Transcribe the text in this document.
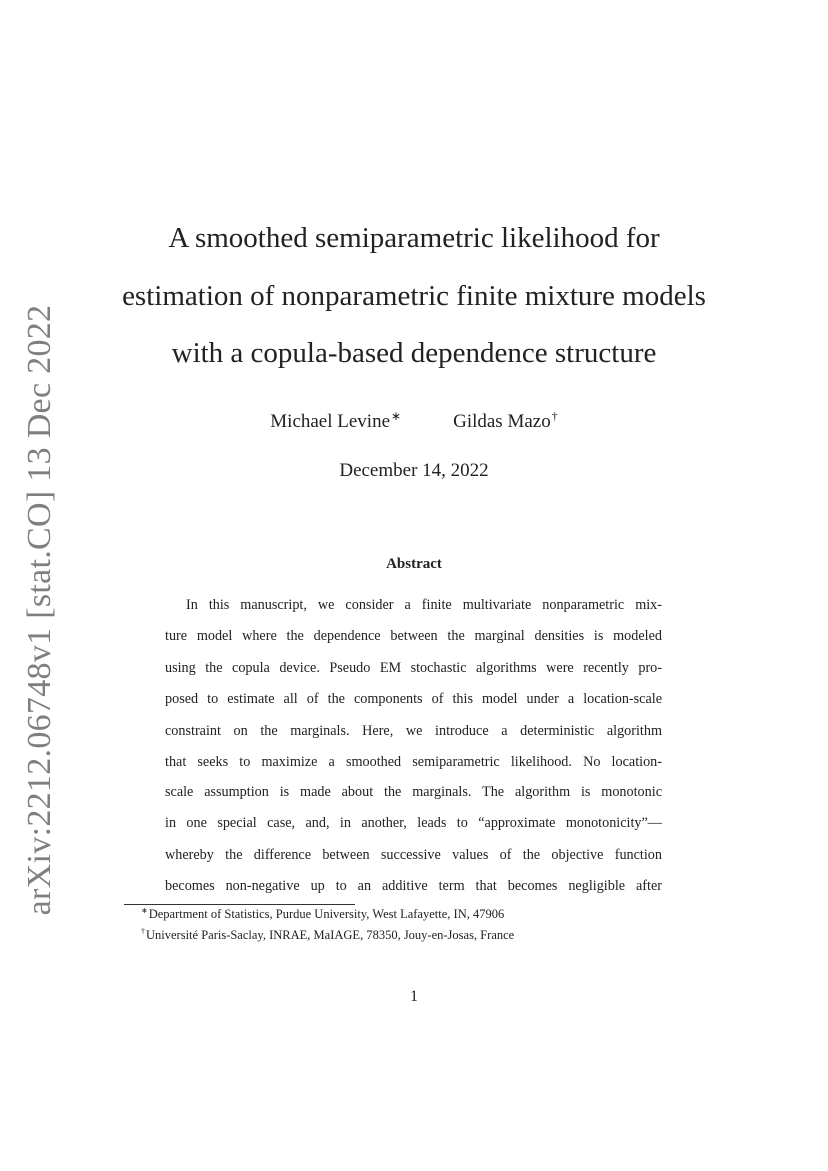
arXiv:2212.06748v1 [stat.CO] 13 Dec 2022
A smoothed semiparametric likelihood for
estimation of nonparametric finite mixture models
with a copula-based dependence structure
Michael Levine∗	Gildas Mazo†
December 14, 2022
Abstract
In this manuscript, we consider a finite multivariate nonparametric mix-
ture model where the dependence between the marginal densities is modeled
using the copula device. Pseudo EM stochastic algorithms were recently pro-
posed to estimate all of the components of this model under a location-scale
constraint on the marginals. Here, we introduce a deterministic algorithm
that seeks to maximize a smoothed semiparametric likelihood. No location-
scale assumption is made about the marginals. The algorithm is monotonic
in one special case, and, in another, leads to “approximate monotonicity”—
whereby the difference between successive values of the objective function
becomes non-negative up to an additive term that becomes negligible after
∗Department of Statistics, Purdue University, West Lafayette, IN, 47906
†Université Paris-Saclay, INRAE, MaIAGE, 78350, Jouy-en-Josas, France
1
